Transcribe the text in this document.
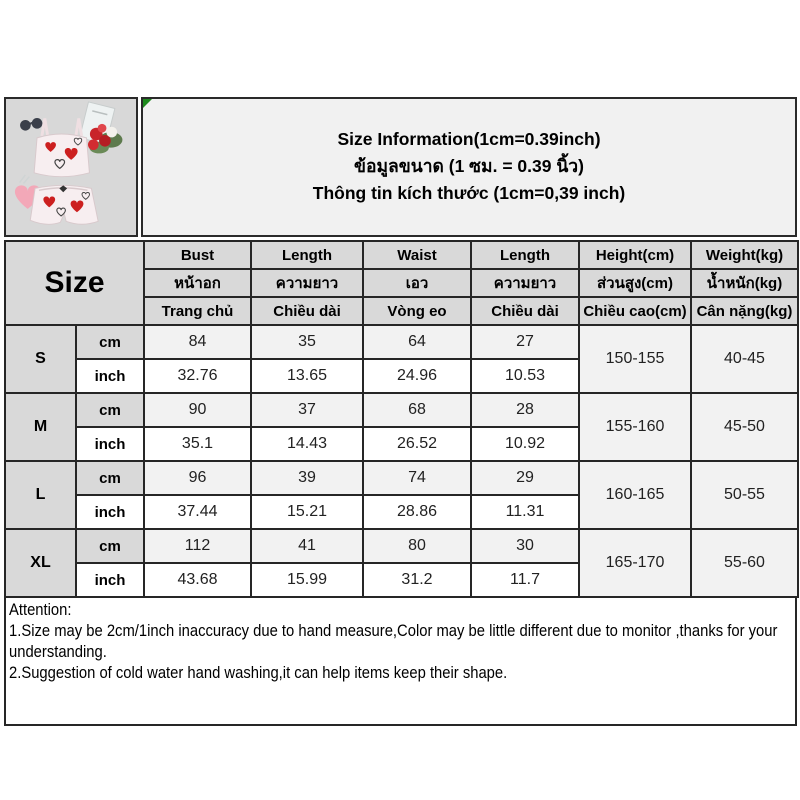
Size Information(1cm=0.39inch)
ข้อมูลขนาด (1 ซม. = 0.39 นิ้ว)
Thông tin kích thước (1cm=0,39 inch)
Size		Bust	Length	Waist	Length	Height(cm)	Weight(kg)
		หน้าอก	ความยาว	เอว	ความยาว	ส่วนสูง(cm)	น้ำหนัก(kg)
		Trang chủ	Chiều dài	Vòng eo	Chiều dài	Chiều cao(cm)	Cân nặng(kg)
S	cm	84	35	64	27	150-155	40-45
	inch	32.76	13.65	24.96	10.53		
M	cm	90	37	68	28	155-160	45-50
	inch	35.1	14.43	26.52	10.92		
L	cm	96	39	74	29	160-165	50-55
	inch	37.44	15.21	28.86	11.31		
XL	cm	112	41	80	30	165-170	55-60
	inch	43.68	15.99	31.2	11.7		
Attention:
1.Size may be 2cm/1inch inaccuracy due to hand measure,Color may be little different due to monitor ,thanks for your understanding.
2.Suggestion of cold water hand washing,it can help items keep their shape.
